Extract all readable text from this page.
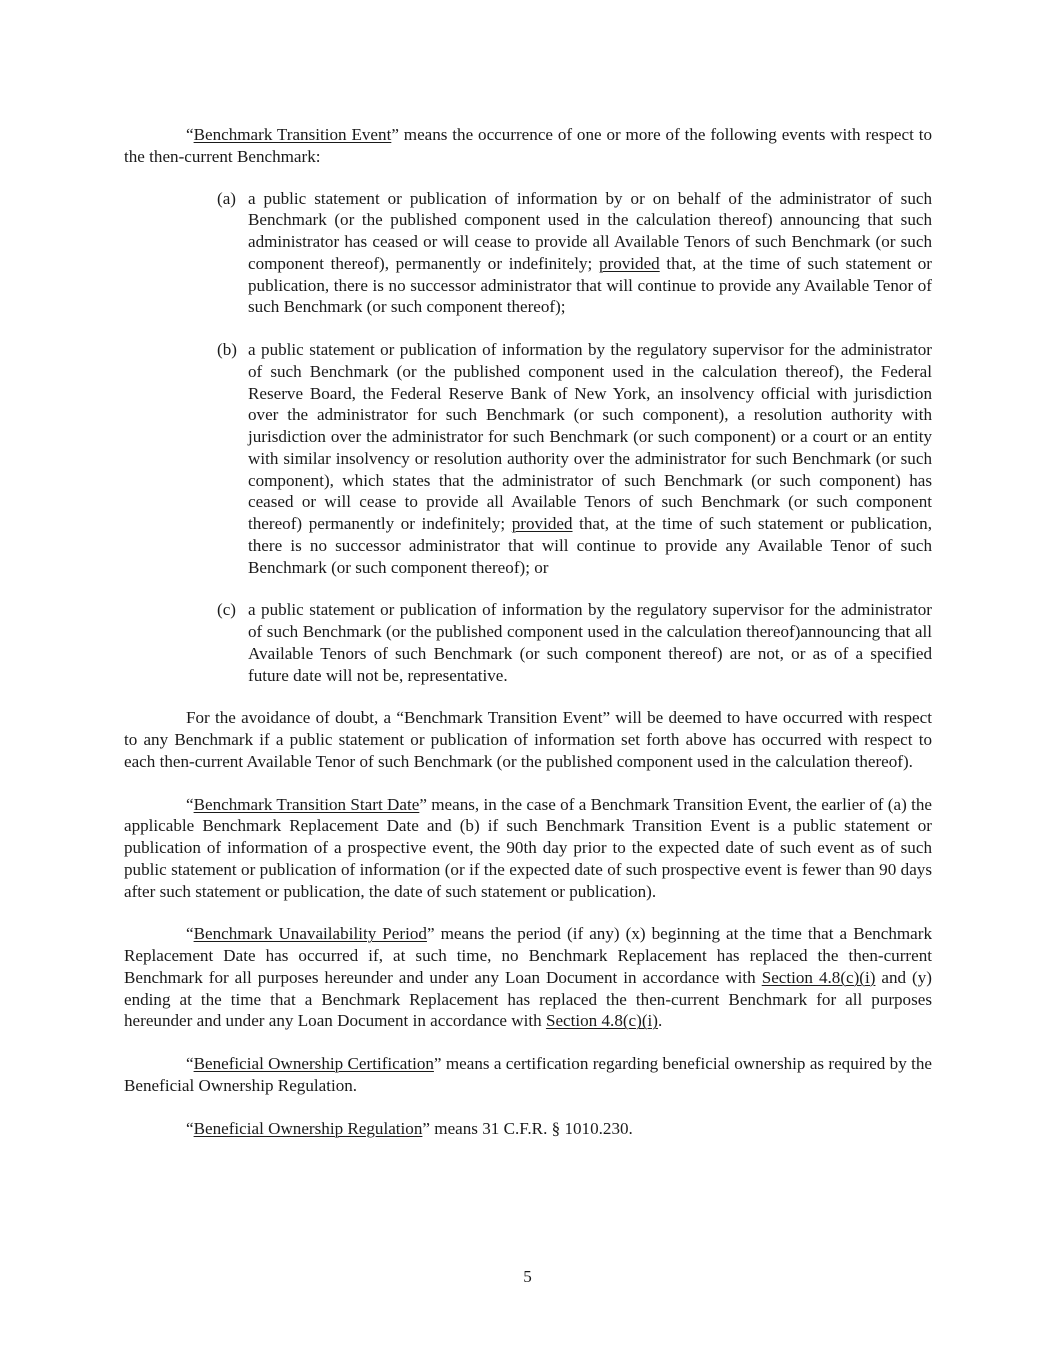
“Benchmark Transition Event” means the occurrence of one or more of the following events with respect to the then-current Benchmark:

(a) a public statement or publication of information by or on behalf of the administrator of such Benchmark (or the published component used in the calculation thereof) announcing that such administrator has ceased or will cease to provide all Available Tenors of such Benchmark (or such component thereof), permanently or indefinitely; provided that, at the time of such statement or publication, there is no successor administrator that will continue to provide any Available Tenor of such Benchmark (or such component thereof);

(b) a public statement or publication of information by the regulatory supervisor for the administrator of such Benchmark (or the published component used in the calculation thereof), the Federal Reserve Board, the Federal Reserve Bank of New York, an insolvency official with jurisdiction over the administrator for such Benchmark (or such component), a resolution authority with jurisdiction over the administrator for such Benchmark (or such component) or a court or an entity with similar insolvency or resolution authority over the administrator for such Benchmark (or such component), which states that the administrator of such Benchmark (or such component) has ceased or will cease to provide all Available Tenors of such Benchmark (or such component thereof) permanently or indefinitely; provided that, at the time of such statement or publication, there is no successor administrator that will continue to provide any Available Tenor of such Benchmark (or such component thereof); or

(c) a public statement or publication of information by the regulatory supervisor for the administrator of such Benchmark (or the published component used in the calculation thereof)announcing that all Available Tenors of such Benchmark (or such component thereof) are not, or as of a specified future date will not be, representative.

For the avoidance of doubt, a “Benchmark Transition Event” will be deemed to have occurred with respect to any Benchmark if a public statement or publication of information set forth above has occurred with respect to each then-current Available Tenor of such Benchmark (or the published component used in the calculation thereof).

“Benchmark Transition Start Date” means, in the case of a Benchmark Transition Event, the earlier of (a) the applicable Benchmark Replacement Date and (b) if such Benchmark Transition Event is a public statement or publication of information of a prospective event, the 90th day prior to the expected date of such event as of such public statement or publication of information (or if the expected date of such prospective event is fewer than 90 days after such statement or publication, the date of such statement or publication).

“Benchmark Unavailability Period” means the period (if any) (x) beginning at the time that a Benchmark Replacement Date has occurred if, at such time, no Benchmark Replacement has replaced the then-current Benchmark for all purposes hereunder and under any Loan Document in accordance with Section 4.8(c)(i) and (y) ending at the time that a Benchmark Replacement has replaced the then-current Benchmark for all purposes hereunder and under any Loan Document in accordance with Section 4.8(c)(i).

“Beneficial Ownership Certification” means a certification regarding beneficial ownership as required by the Beneficial Ownership Regulation.

“Beneficial Ownership Regulation” means 31 C.F.R. § 1010.230.

5
